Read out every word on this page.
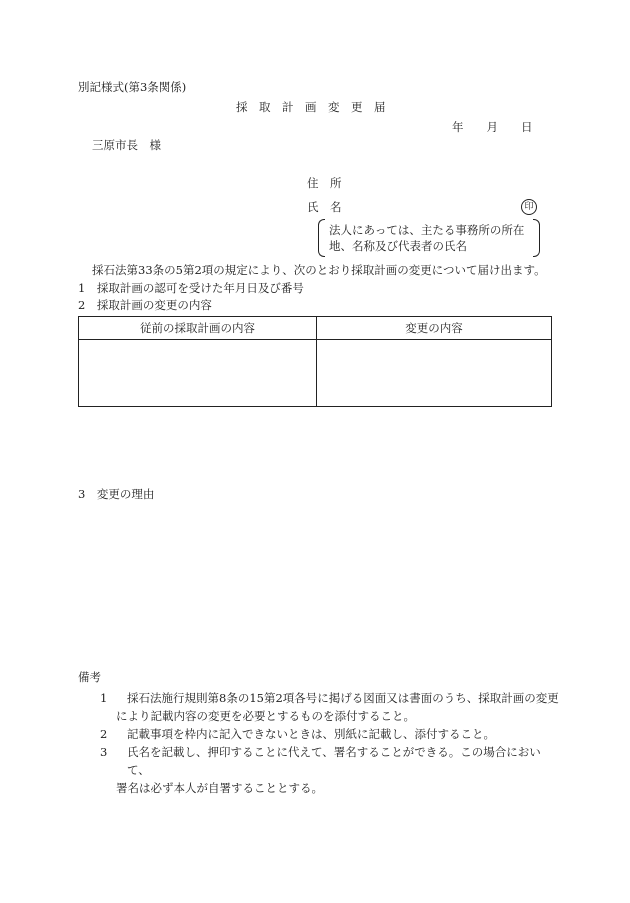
別記様式(第3条関係)
採　取　計　画　変　更　届
年　　月　　日
三原市長　様
住　所
氏　名	印
法人にあっては、主たる事務所の所在
地、名称及び代表者の氏名
採石法第33条の5第2項の規定により、次のとおり採取計画の変更について届け出ます。
1　採取計画の認可を受けた年月日及び番号
2　採取計画の変更の内容
従前の採取計画の内容	変更の内容

3　変更の理由
備考
1	採石法施行規則第8条の15第2項各号に掲げる図面又は書面のうち、採取計画の変更
により記載内容の変更を必要とするものを添付すること。
2	記載事項を枠内に記入できないときは、別紙に記載し、添付すること。
3	氏名を記載し、押印することに代えて、署名することができる。この場合において、
署名は必ず本人が自署することとする。
